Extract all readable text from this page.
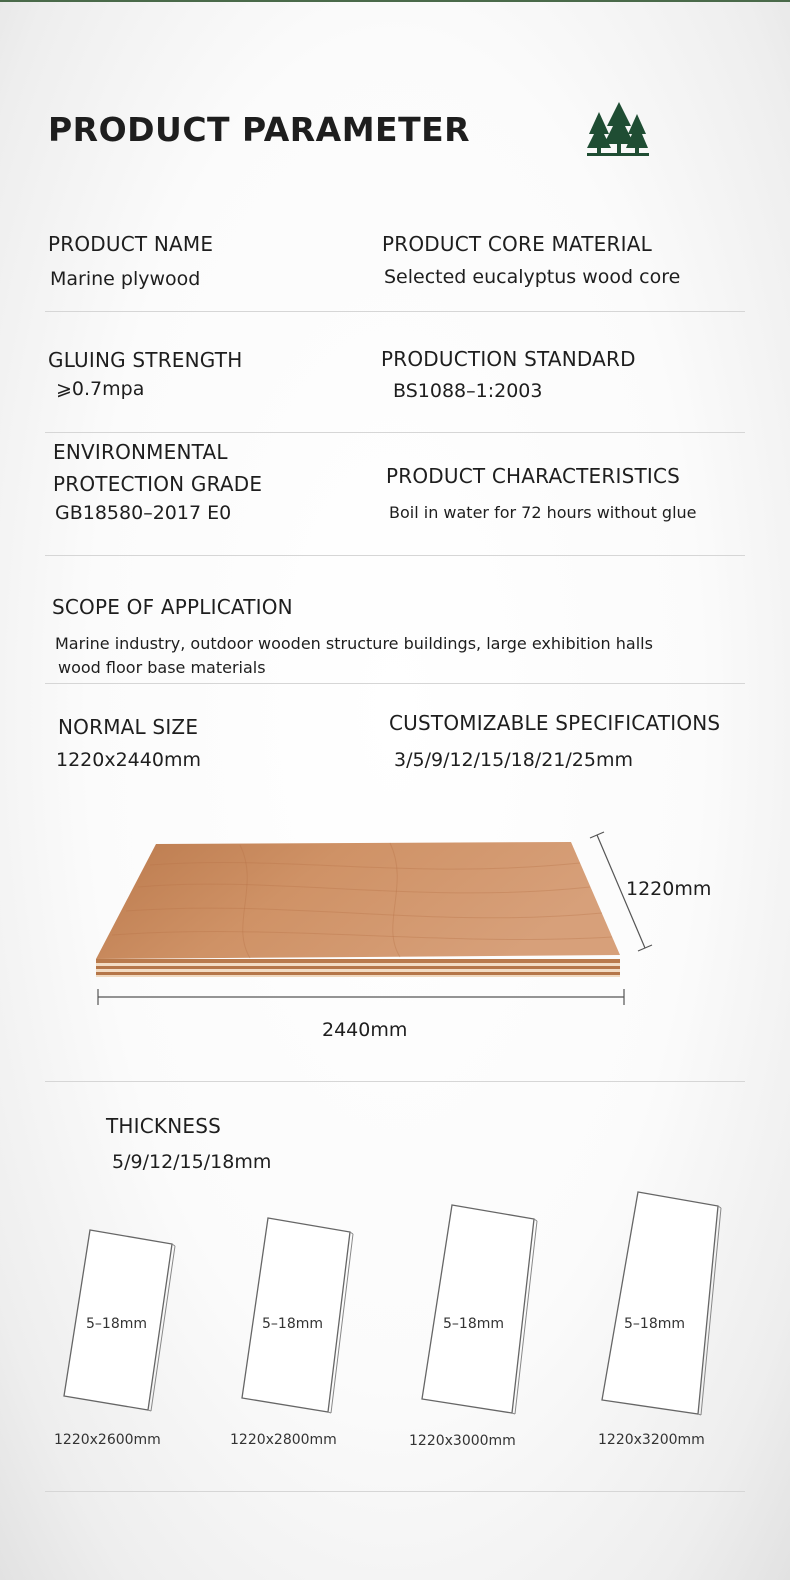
PRODUCT PARAMETER
PRODUCT NAME
Marine plywood
PRODUCT CORE MATERIAL
Selected eucalyptus wood core
GLUING STRENGTH
⩾0.7mpa
PRODUCTION STANDARD
BS1088–1:2003
ENVIRONMENTAL
PROTECTION GRADE
GB18580–2017 E0
PRODUCT CHARACTERISTICS
Boil in water for 72 hours without glue
SCOPE OF APPLICATION
Marine industry, outdoor wooden structure buildings, large exhibition halls
wood floor base materials
NORMAL SIZE
1220x2440mm
CUSTOMIZABLE SPECIFICATIONS
3/5/9/12/15/18/21/25mm
1220mm
2440mm
THICKNESS
5/9/12/15/18mm
5–18mm
1220x2600mm
5–18mm
1220x2800mm
5–18mm
1220x3000mm
5–18mm
1220x3200mm
